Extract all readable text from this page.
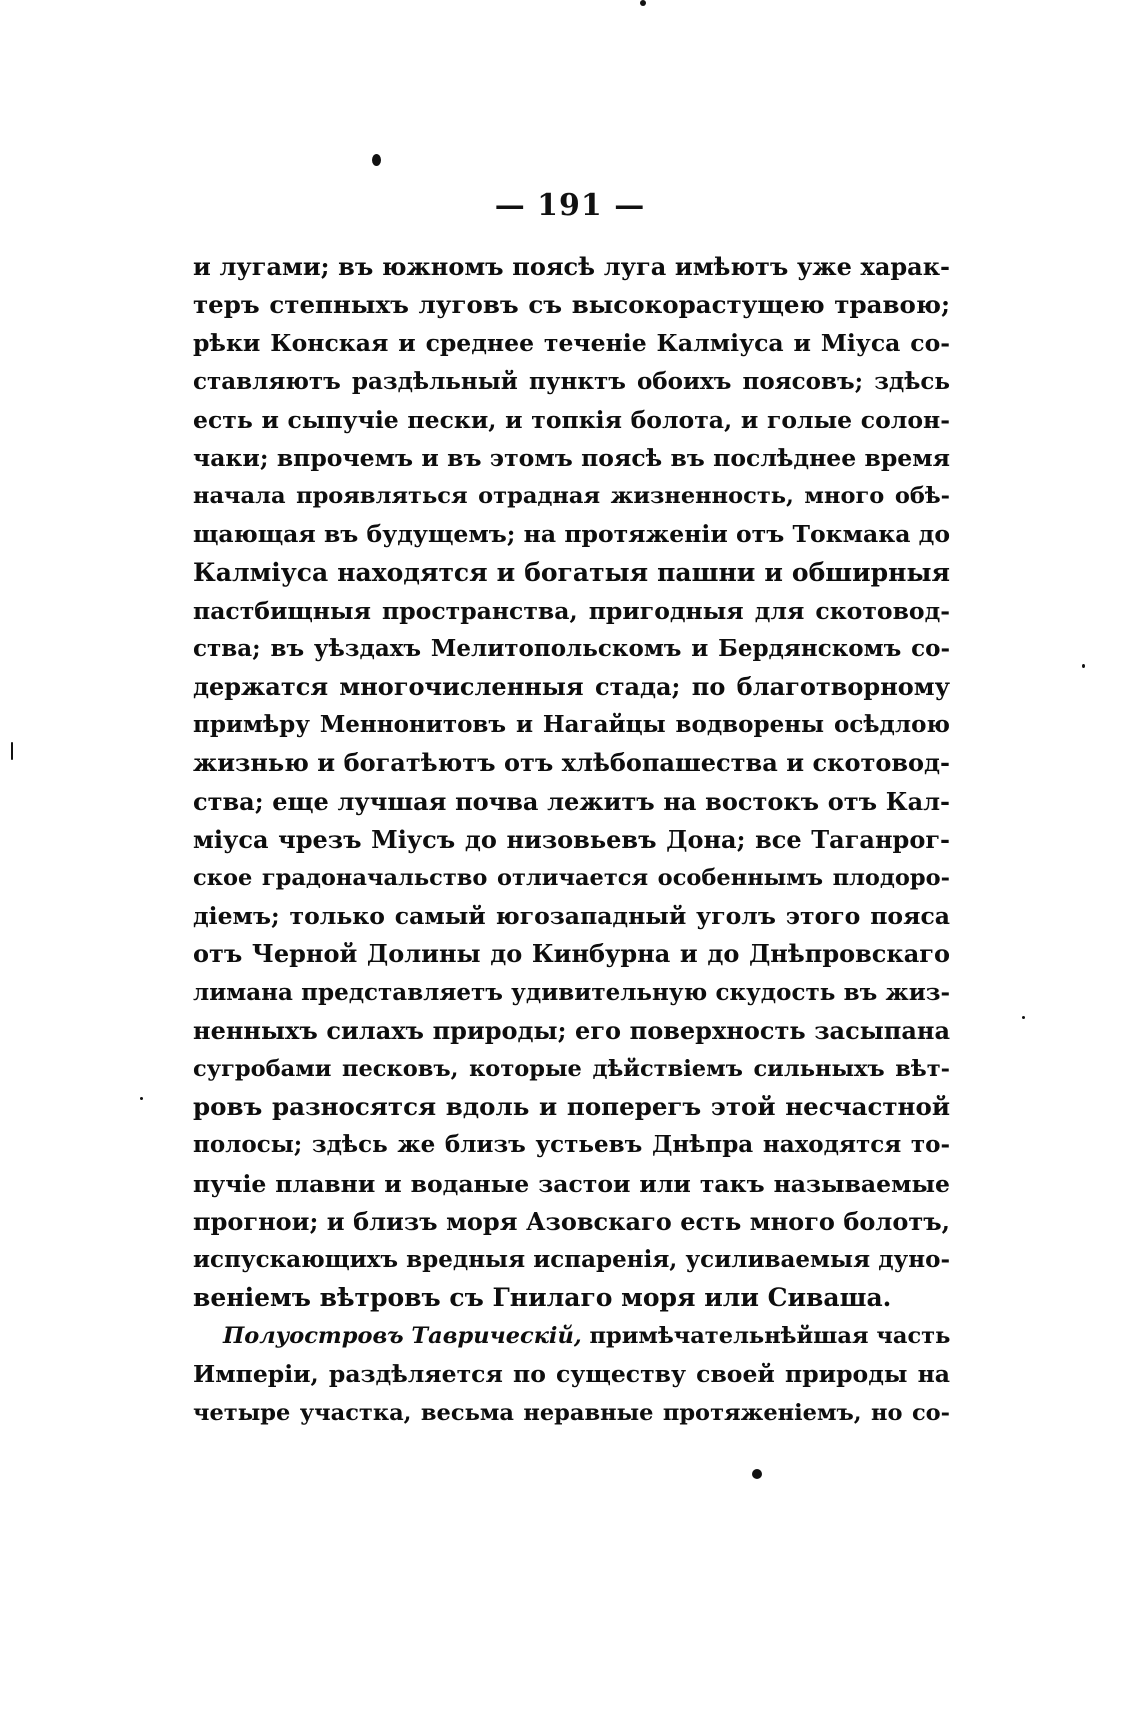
— 191 —
и лугами; въ южномъ поясѣ луга имѣютъ уже харак-
теръ степныхъ луговъ съ высокорастущею травою;
рѣки Конская и среднее теченіе Калміуса и Міуса со-
ставляютъ раздѣльный пунктъ обоихъ поясовъ; здѣсь
есть и сыпучіе пески, и топкія болота, и голые солон-
чаки; впрочемъ и въ этомъ поясѣ въ послѣднее время
начала проявляться отрадная жизненность, много обѣ-
щающая въ будущемъ; на протяженіи отъ Токмака до
Калміуса находятся и богатыя пашни и обширныя
пастбищныя пространства, пригодныя для скотовод-
ства; въ уѣздахъ Мелитопольскомъ и Бердянскомъ со-
держатся многочисленныя стада; по благотворному
примѣру Меннонитовъ и Нагайцы водворены осѣдлою
жизнью и богатѣютъ отъ хлѣбопашества и скотовод-
ства; еще лучшая почва лежитъ на востокъ отъ Кал-
міуса чрезъ Міусъ до низовьевъ Дона; все Таганрог-
ское градоначальство отличается особеннымъ плодоро-
діемъ; только самый югозападный уголъ этого пояса
отъ Черной Долины до Кинбурна и до Днѣпровскаго
лимана представляетъ удивительную скудость въ жиз-
ненныхъ силахъ природы; его поверхность засыпана
сугробами песковъ, которые дѣйствіемъ сильныхъ вѣт-
ровъ разносятся вдоль и поперегъ этой несчастной
полосы; здѣсь же близъ устьевъ Днѣпра находятся то-
пучіе плавни и воданые застои или такъ называемые
прогнои; и близъ моря Азовскаго есть много болотъ,
испускающихъ вредныя испаренія, усиливаемыя дуно-
веніемъ вѣтровъ съ Гнилаго моря или Сиваша.
Полуостровъ Таврическій, примѣчательнѣйшая часть
Имперіи, раздѣляется по существу своей природы на
четыре участка, весьма неравные протяженіемъ, но со-
